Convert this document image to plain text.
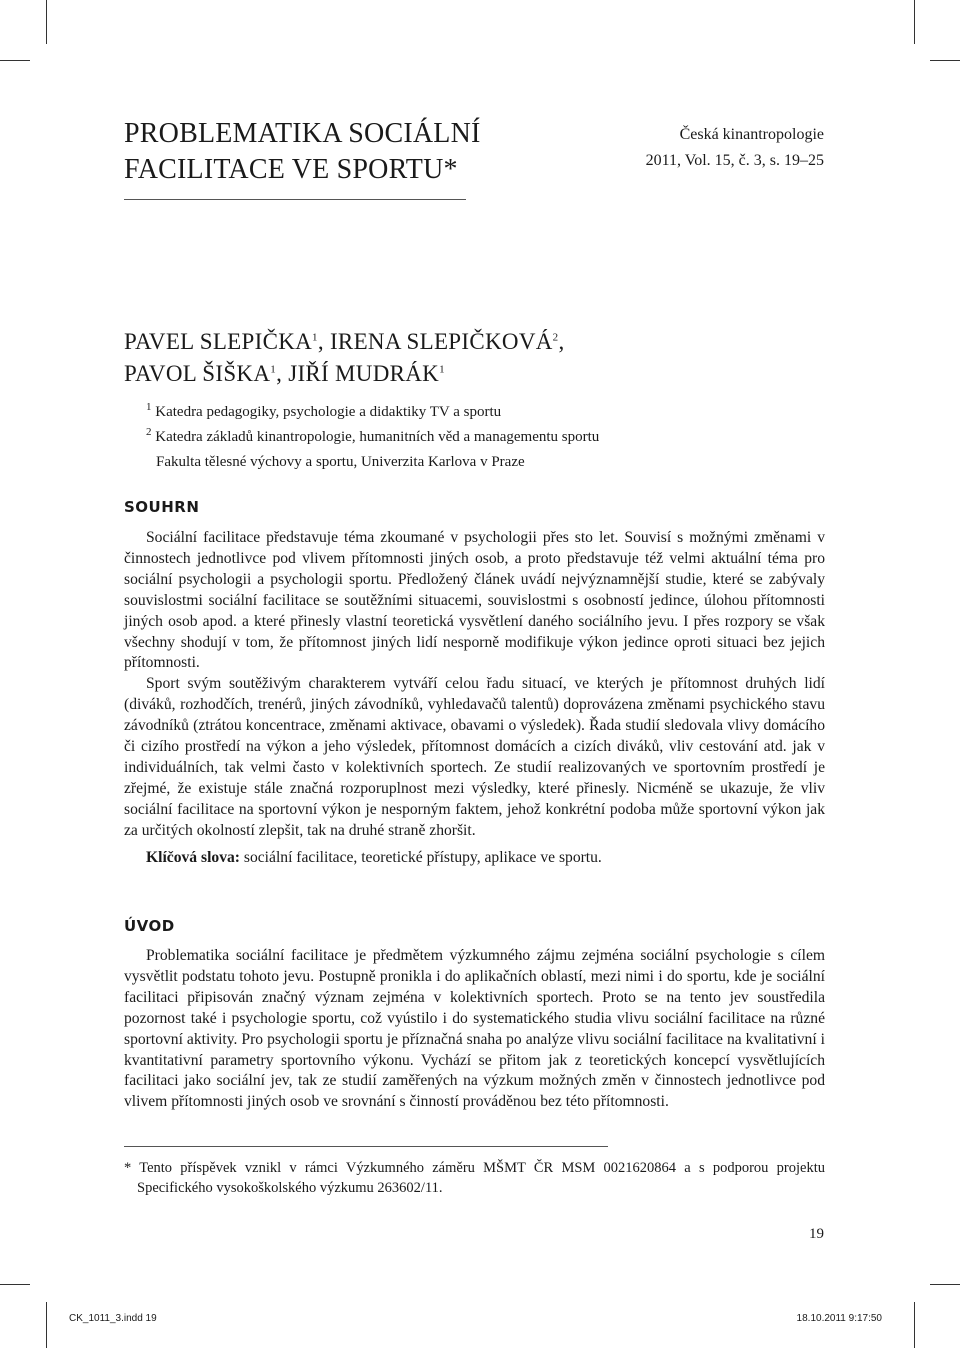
PROBLEMATIKA SOCIÁLNÍ
FACILITACE VE SPORTU*
Česká kinantropologie
2011, Vol. 15, č. 3, s. 19–25
PAVEL SLEPIČKA$^1$, IRENA SLEPIČKOVÁ$^2$,
PAVOL ŠIŠKA$^1$, JIŘÍ MUDRÁK$^1$
$^1$ Katedra pedagogiky, psychologie a didaktiky TV a sportu
$^2$ Katedra základů kinantropologie, humanitních věd a managementu sportu
Fakulta tělesné výchovy a sportu, Univerzita Karlova v Praze
SOUHRN

Sociální facilitace představuje téma zkoumané v psychologii přes sto let. Souvisí s možnými změnami v činnostech jednotlivce pod vlivem přítomnosti jiných osob, a proto představuje též velmi aktuální téma pro sociální psychologii a psychologii sportu. Předložený článek uvádí nejvýznamnější studie, které se zabývaly souvislostmi sociální facilitace se soutěžními situacemi, souvislostmi s osobností jedince, úlohou přítomnosti jiných osob apod. a které přinesly vlastní teoretická vysvětlení daného sociálního jevu. I přes rozpory se však všechny shodují v tom, že přítomnost jiných lidí nesporně modifikuje výkon jedince oproti situaci bez jejich přítomnosti.

Sport svým soutěživým charakterem vytváří celou řadu situací, ve kterých je přítomnost druhých lidí (diváků, rozhodčích, trenérů, jiných závodníků, vyhledavačů talentů) doprovázena změnami psychického stavu závodníků (ztrátou koncentrace, změnami aktivace, obavami o výsledek). Řada studií sledovala vlivy domácího či cizího prostředí na výkon a jeho výsledek, přítomnost domácích a cizích diváků, vliv cestování atd. jak v individuálních, tak velmi často v kolektivních sportech. Ze studií realizovaných ve sportovním prostředí je zřejmé, že existuje stále značná rozporuplnost mezi výsledky, které přinesly. Nicméně se ukazuje, že vliv sociální facilitace na sportovní výkon je nesporným faktem, jehož konkrétní podoba může sportovní výkon jak za určitých okolností zlepšit, tak na druhé straně zhoršit.

Klíčová slova: sociální facilitace, teoretické přístupy, aplikace ve sportu.

ÚVOD

Problematika sociální facilitace je předmětem výzkumného zájmu zejména sociální psychologie s cílem vysvětlit podstatu tohoto jevu. Postupně pronikla i do aplikačních oblastí, mezi nimi i do sportu, kde je sociální facilitaci připisován značný význam zejména v kolektivních sportech. Proto se na tento jev soustředila pozornost také i psychologie sportu, což vyústilo i do systematického studia vlivu sociální facilitace na různé sportovní aktivity. Pro psychologii sportu je příznačná snaha po analýze vlivu sociální facilitace na kvalitativní i kvantitativní parametry sportovního výkonu. Vychází se přitom jak z teoretických koncepcí vysvětlujících facilitaci jako sociální jev, tak ze studií zaměřených na výzkum možných změn v činnostech jednotlivce pod vlivem přítomnosti jiných osob ve srovnání s činností prováděnou bez této přítomnosti.

* Tento příspěvek vznikl v rámci Výzkumného záměru MŠMT ČR MSM 0021620864 a s podporou projektu Specifického vysokoškolského výzkumu 263602/11.
19
CK_1011_3.indd 19	18.10.2011 9:17:50
